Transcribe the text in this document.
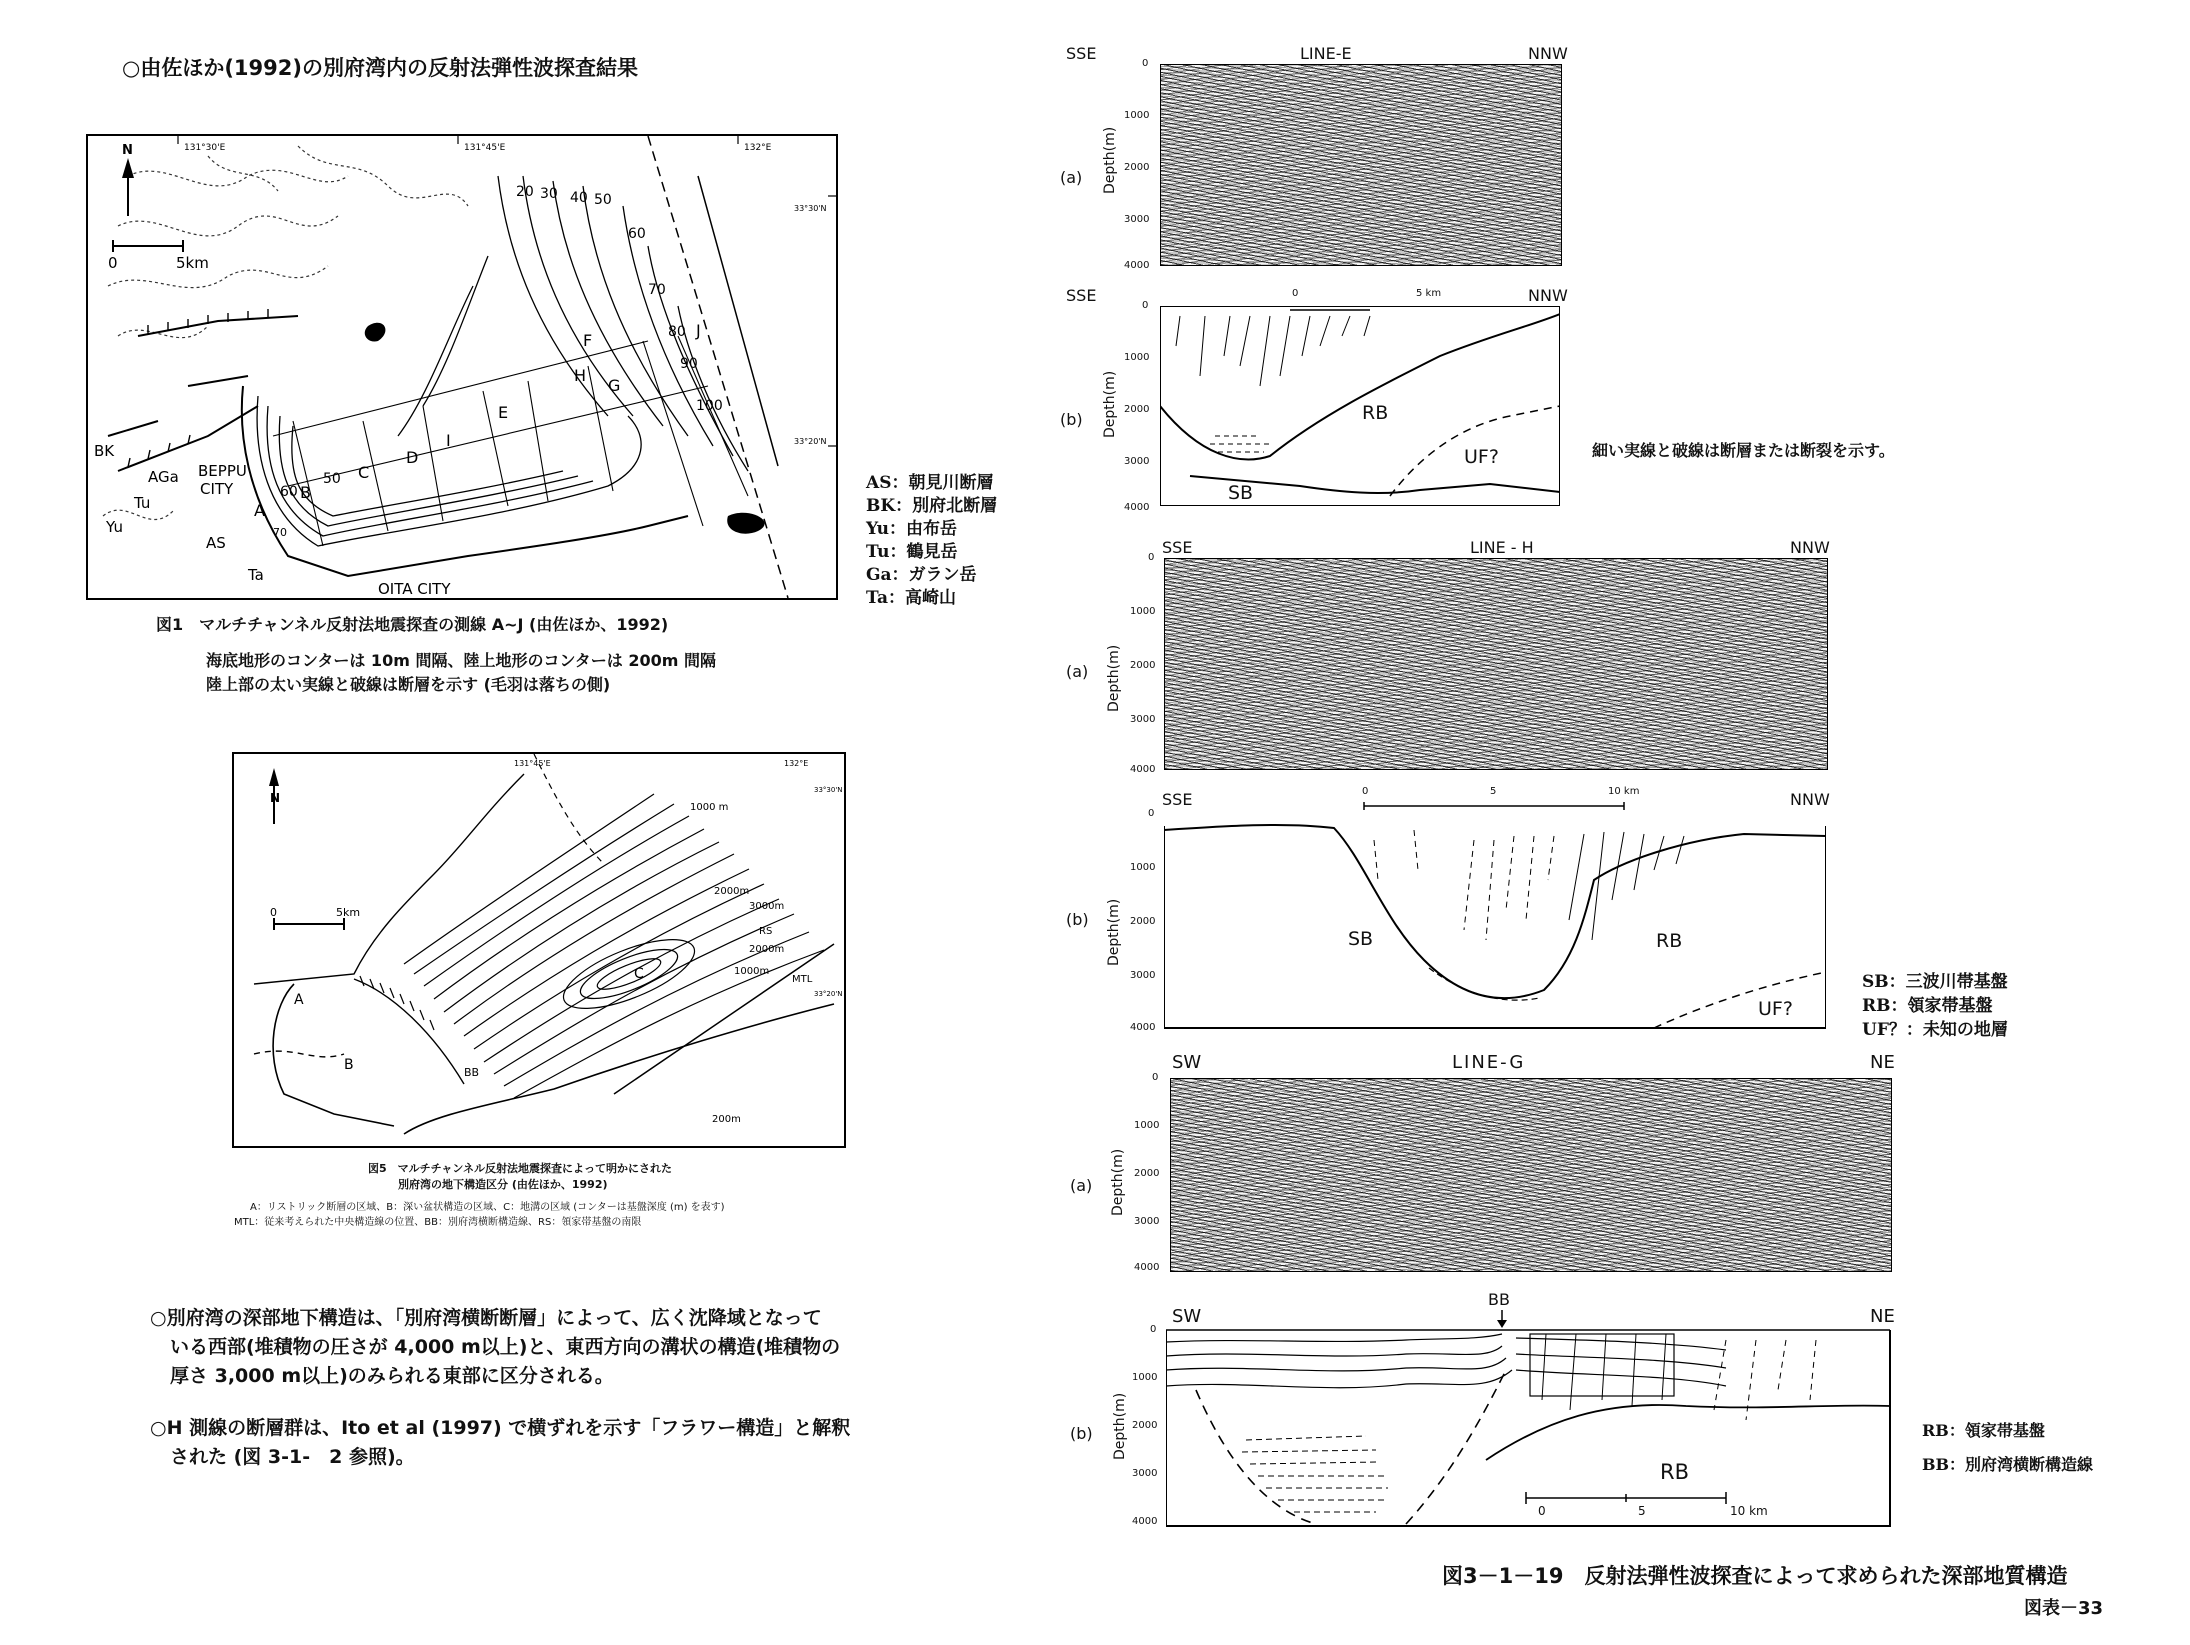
○由佐ほか(1992)の別府湾内の反射法弾性波探査結果
N
0	5km
131°30'E	131°45'E	132°E
33°30'N
33°20'N
20 30 40 50
60
70
80
90
100
60
50
70
A
B
C
D
E
F
G
H
I
J
BK
AGa
Tu
Yu
BEPPU
CITY
AS
Ta
OITA CITY
AS：朝見川断層
BK：別府北断層
Yu：由布岳
Tu：鶴見岳
Ga：ガラン岳
Ta：高崎山
図1　マルチチャンネル反射法地震探査の測線 A~J (由佐ほか、1992)
海底地形のコンターは 10m 間隔、陸上地形のコンターは 200m 間隔
陸上部の太い実線と破線は断層を示す (毛羽は落ちの側)
N
0	5km
131°45'E	132°E
33°30'N
33°20'N
1000 m
2000m
3000m
RS
2000m
1000m
MTL
200m
A
B
C
BB
図5　マルチチャンネル反射法地震探査によって明かにされた
別府湾の地下構造区分 (由佐ほか、1992)
A：リストリック断層の区域、B：深い盆状構造の区域、C：地溝の区域 (コンターは基盤深度 (m) を表す)
MTL：従来考えられた中央構造線の位置、BB：別府湾横断構造線、RS：領家帯基盤の南限
○別府湾の深部地下構造は、「別府湾横断断層」によって、広く沈降域となって
いる西部(堆積物の圧さが 4,000 m以上)と、東西方向の溝状の構造(堆積物の
厚さ 3,000 m以上)のみられる東部に区分される。
○H 測線の断層群は、Ito et al (1997) で横ずれを示す「フラワー構造」と解釈
された (図 3-1-　2 参照)。
SSE	LINE-E	NNW
(a) Depth(m)
0
1000
2000
3000
4000
SSE	NNW
0	5 km
(b) Depth(m)
0
1000
2000
3000
4000
RB
UF?
SB
細い実線と破線は断層または断裂を示す。
SSE	LINE - H	NNW
(a) Depth(m)
0
1000
2000
3000
4000
SSE	NNW
0	5	10 km
(b) Depth(m)
0
1000
2000
3000
4000
SB	RB
UF?
SB：三波川帯基盤
RB：領家帯基盤
UF？：未知の地層
SW	LINE-G	NE
(a) Depth(m)
0
1000
2000
3000
4000
SW
BB
NE
(b) Depth(m)
0
1000
2000
3000
4000
RB
0	5	10 km
RB：領家帯基盤
BB：別府湾横断構造線
図3－1－19　反射法弾性波探査によって求められた深部地質構造
図表－33
